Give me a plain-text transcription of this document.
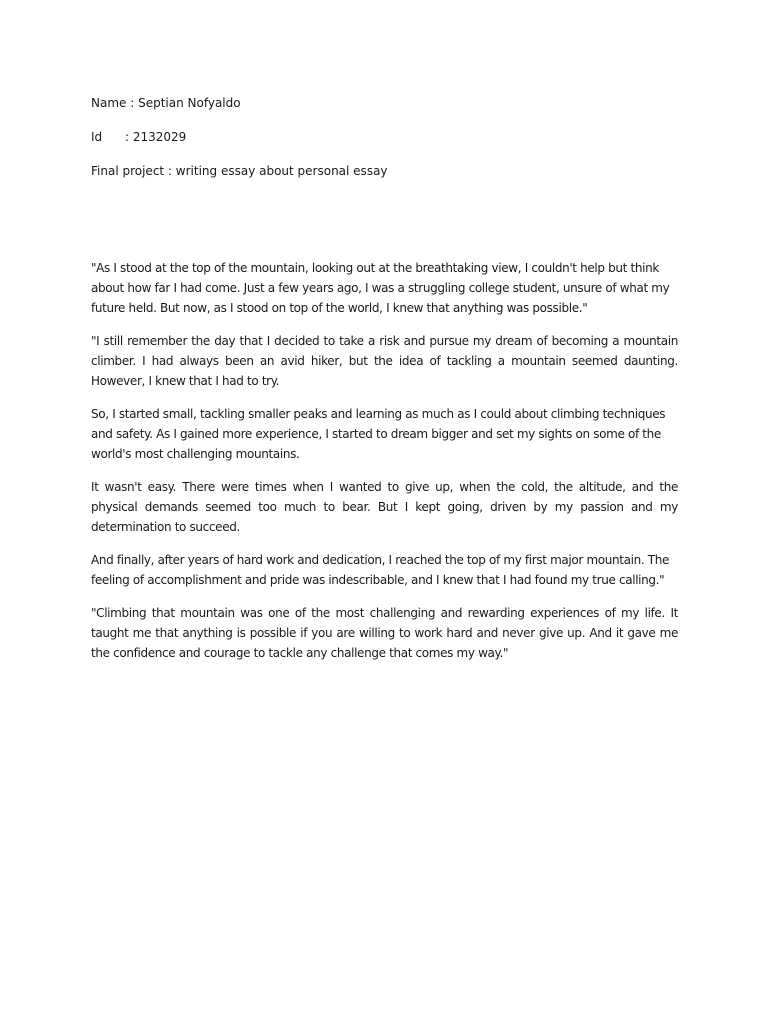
Name : Septian Nofyaldo
Id : 2132029
Final project : writing essay about personal essay

"As I stood at the top of the mountain, looking out at the breathtaking view, I couldn't help but think about how far I had come. Just a few years ago, I was a struggling college student, unsure of what my future held. But now, as I stood on top of the world, I knew that anything was possible."

"I still remember the day that I decided to take a risk and pursue my dream of becoming a mountain climber. I had always been an avid hiker, but the idea of tackling a mountain seemed daunting. However, I knew that I had to try.

So, I started small, tackling smaller peaks and learning as much as I could about climbing techniques and safety. As I gained more experience, I started to dream bigger and set my sights on some of the world's most challenging mountains.

It wasn't easy. There were times when I wanted to give up, when the cold, the altitude, and the physical demands seemed too much to bear. But I kept going, driven by my passion and my determination to succeed.

And finally, after years of hard work and dedication, I reached the top of my first major mountain. The feeling of accomplishment and pride was indescribable, and I knew that I had found my true calling."

"Climbing that mountain was one of the most challenging and rewarding experiences of my life. It taught me that anything is possible if you are willing to work hard and never give up. And it gave me the confidence and courage to tackle any challenge that comes my way."
